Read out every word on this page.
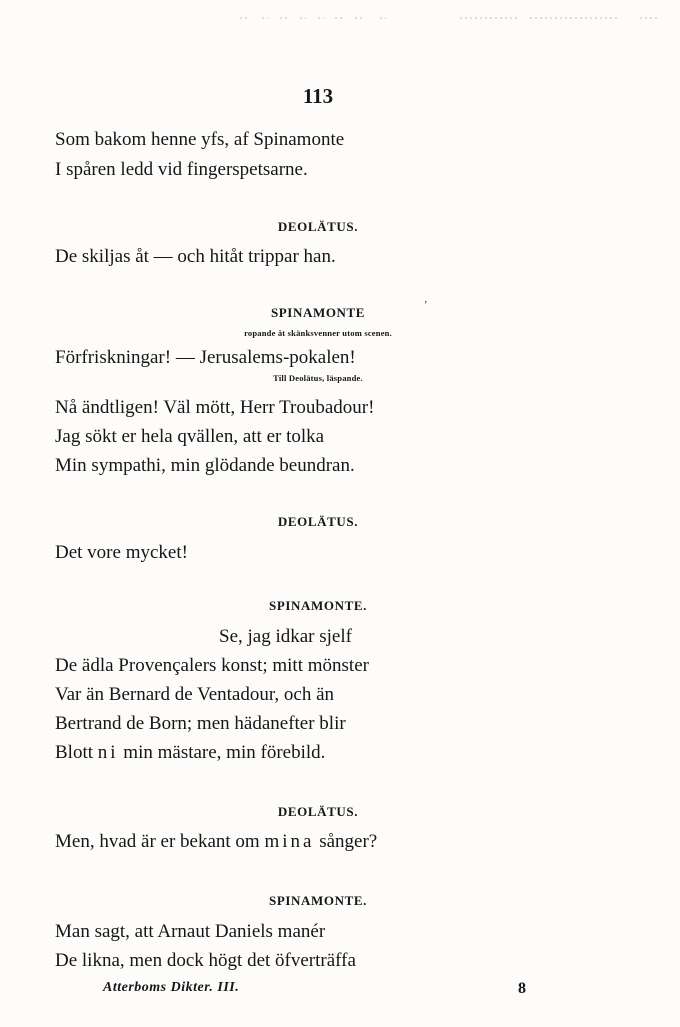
113
Som bakom henne yfs, af Spinamonte
I spåren ledd vid fingerspetsarne.
DEOLÄTUS.
De skiljas åt — och hitåt trippar han.
SPINAMONTE	ʼ
ropande åt skänksvenner utom scenen.
Förfriskningar! — Jerusalems-pokalen!
Till Deolätus, läspande.
Nå ändtligen! Väl mött, Herr Troubadour!
Jag sökt er hela qvällen, att er tolka
Min sympathi, min glödande beundran.
DEOLÄTUS.
Det vore mycket!
SPINAMONTE.
Se, jag idkar sjelf
De ädla Provençalers konst; mitt mönster
Var än Bernard de Ventadour, och än
Bertrand de Born; men hädanefter blir
Blott ni min mästare, min förebild.
DEOLÄTUS.
Men, hvad är er bekant om mina sånger?
SPINAMONTE.
Man sagt, att Arnaut Daniels manér
De likna, men dock högt det öfverträffa
Atterboms Dikter. III.	8
